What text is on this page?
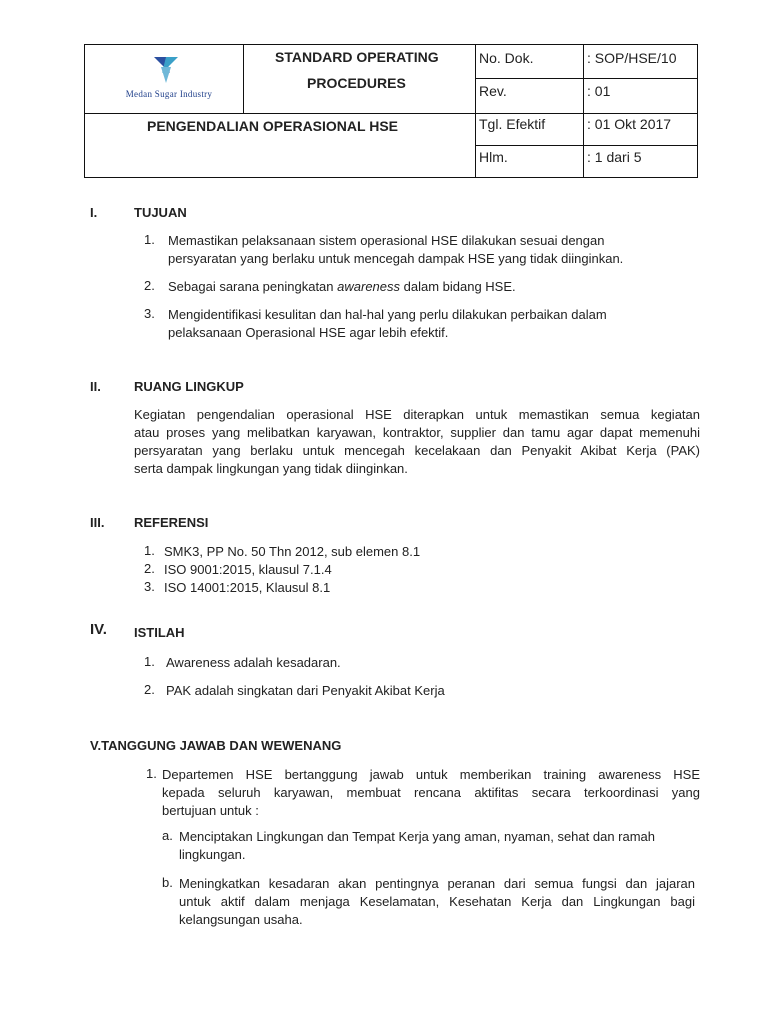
Medan Sugar Industry
STANDARD OPERATING
PROCEDURES
PENGENDALIAN OPERASIONAL HSE
No. Dok.	: SOP/HSE/10
Rev.	: 01
Tgl. Efektif	: 01 Okt 2017
Hlm.	: 1 dari 5
I.	TUJUAN
1. Memastikan pelaksanaan sistem operasional HSE dilakukan sesuai dengan
persyaratan yang berlaku untuk mencegah dampak HSE yang tidak diinginkan.
2. Sebagai sarana peningkatan awareness dalam bidang HSE.
3. Mengidentifikasi kesulitan dan hal-hal yang perlu dilakukan perbaikan dalam
pelaksanaan Operasional HSE agar lebih efektif.
II.	RUANG LINGKUP
Kegiatan pengendalian operasional HSE diterapkan untuk memastikan semua kegiatan
atau proses yang melibatkan karyawan, kontraktor, supplier dan tamu agar dapat memenuhi
persyaratan yang berlaku untuk mencegah kecelakaan dan Penyakit Akibat Kerja (PAK)
serta dampak lingkungan yang tidak diinginkan.
III. REFERENSI
1. SMK3, PP No. 50 Thn 2012, sub elemen 8.1
2. ISO 9001:2015, klausul 7.1.4
3. ISO 14001:2015, Klausul 8.1
IV. ISTILAH
1. Awareness adalah kesadaran.
2. PAK adalah singkatan dari Penyakit Akibat Kerja
V.TANGGUNG JAWAB DAN WEWENANG
1. Departemen HSE bertanggung jawab untuk memberikan training awareness HSE
kepada seluruh karyawan, membuat rencana aktifitas secara terkoordinasi yang
bertujuan untuk :
a. Menciptakan Lingkungan dan Tempat Kerja yang aman, nyaman, sehat dan ramah
lingkungan.
b. Meningkatkan kesadaran akan pentingnya peranan dari semua fungsi dan jajaran
untuk aktif dalam menjaga Keselamatan, Kesehatan Kerja dan Lingkungan bagi
kelangsungan usaha.
